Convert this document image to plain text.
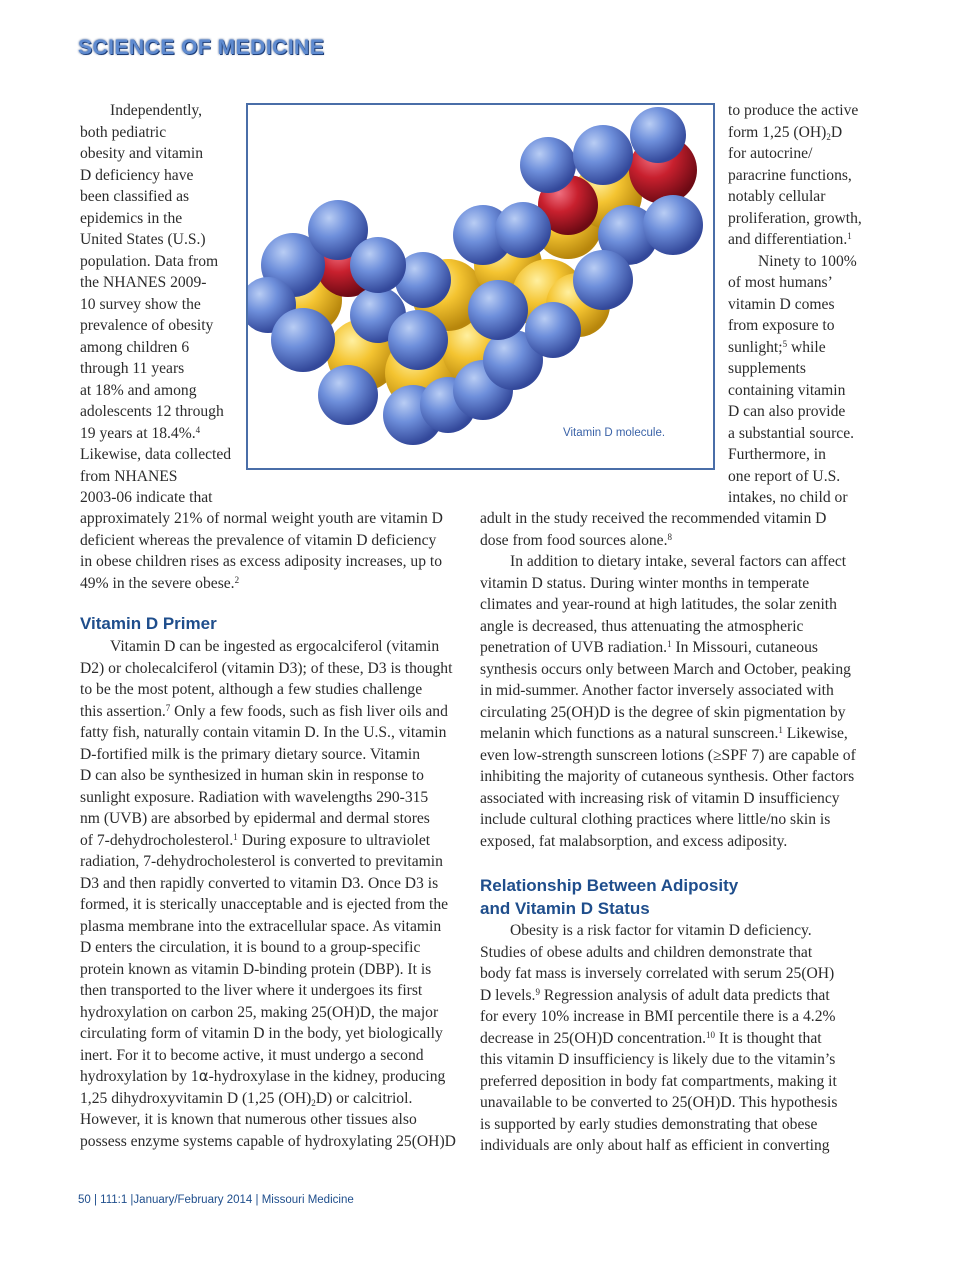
SCIENCE OF MEDICINE
Independently,
both pediatric
obesity and vitamin
D deficiency have
been classified as
epidemics in the
United States (U.S.)
population. Data from
the NHANES 2009-
10 survey show the
prevalence of obesity
among children 6
through 11 years
at 18% and among
adolescents 12 through
19 years at 18.4%.$^4$
Likewise, data collected
from NHANES
2003-06 indicate that
approximately 21% of normal weight youth are vitamin D
deficient whereas the prevalence of vitamin D deficiency
in obese children rises as excess adiposity increases, up to
49% in the severe obese.$^2$
Vitamin D Primer
Vitamin D can be ingested as ergocalciferol (vitamin
D2) or cholecalciferol (vitamin D3); of these, D3 is thought
to be the most potent, although a few studies challenge
this assertion.$^7$ Only a few foods, such as fish liver oils and
fatty fish, naturally contain vitamin D. In the U.S., vitamin
D-fortified milk is the primary dietary source. Vitamin
D can also be synthesized in human skin in response to
sunlight exposure. Radiation with wavelengths 290-315
nm (UVB) are absorbed by epidermal and dermal stores
of 7-dehydrocholesterol.$^1$ During exposure to ultraviolet
radiation, 7-dehydrocholesterol is converted to previtamin
D3 and then rapidly converted to vitamin D3. Once D3 is
formed, it is sterically unacceptable and is ejected from the
plasma membrane into the extracellular space. As vitamin
D enters the circulation, it is bound to a group-specific
protein known as vitamin D-binding protein (DBP). It is
then transported to the liver where it undergoes its first
hydroxylation on carbon 25, making 25(OH)D, the major
circulating form of vitamin D in the body, yet biologically
inert. For it to become active, it must undergo a second
hydroxylation by 1α-hydroxylase in the kidney, producing
1,25 dihydroxyvitamin D (1,25 $(OH)_2D$) or calcitriol.
However, it is known that numerous other tissues also
possess enzyme systems capable of hydroxylating 25(OH)D
Vitamin D molecule.
to produce the active
form 1,25 $(OH)_2D$
for autocrine/
paracrine functions,
notably cellular
proliferation, growth,
and differentiation.$^1$
Ninety to 100%
of most humans’
vitamin D comes
from exposure to
sunlight;$^5$ while
supplements
containing vitamin
D can also provide
a substantial source.
Furthermore, in
one report of U.S.
intakes, no child or
adult in the study received the recommended vitamin D
dose from food sources alone.$^8$
In addition to dietary intake, several factors can affect
vitamin D status. During winter months in temperate
climates and year-round at high latitudes, the solar zenith
angle is decreased, thus attenuating the atmospheric
penetration of UVB radiation.$^1$ In Missouri, cutaneous
synthesis occurs only between March and October, peaking
in mid-summer. Another factor inversely associated with
circulating 25(OH)D is the degree of skin pigmentation by
melanin which functions as a natural sunscreen.$^1$ Likewise,
even low-strength sunscreen lotions (≥SPF 7) are capable of
inhibiting the majority of cutaneous synthesis. Other factors
associated with increasing risk of vitamin D insufficiency
include cultural clothing practices where little/no skin is
exposed, fat malabsorption, and excess adiposity.
Relationship Between Adiposity
and Vitamin D Status
Obesity is a risk factor for vitamin D deficiency.
Studies of obese adults and children demonstrate that
body fat mass is inversely correlated with serum 25(OH)
D levels.$^9$ Regression analysis of adult data predicts that
for every 10% increase in BMI percentile there is a 4.2%
decrease in 25(OH)D concentration.$^{10}$ It is thought that
this vitamin D insufficiency is likely due to the vitamin’s
preferred deposition in body fat compartments, making it
unavailable to be converted to 25(OH)D. This hypothesis
is supported by early studies demonstrating that obese
individuals are only about half as efficient in converting
50 | 111:1 |January/February 2014 | Missouri Medicine
